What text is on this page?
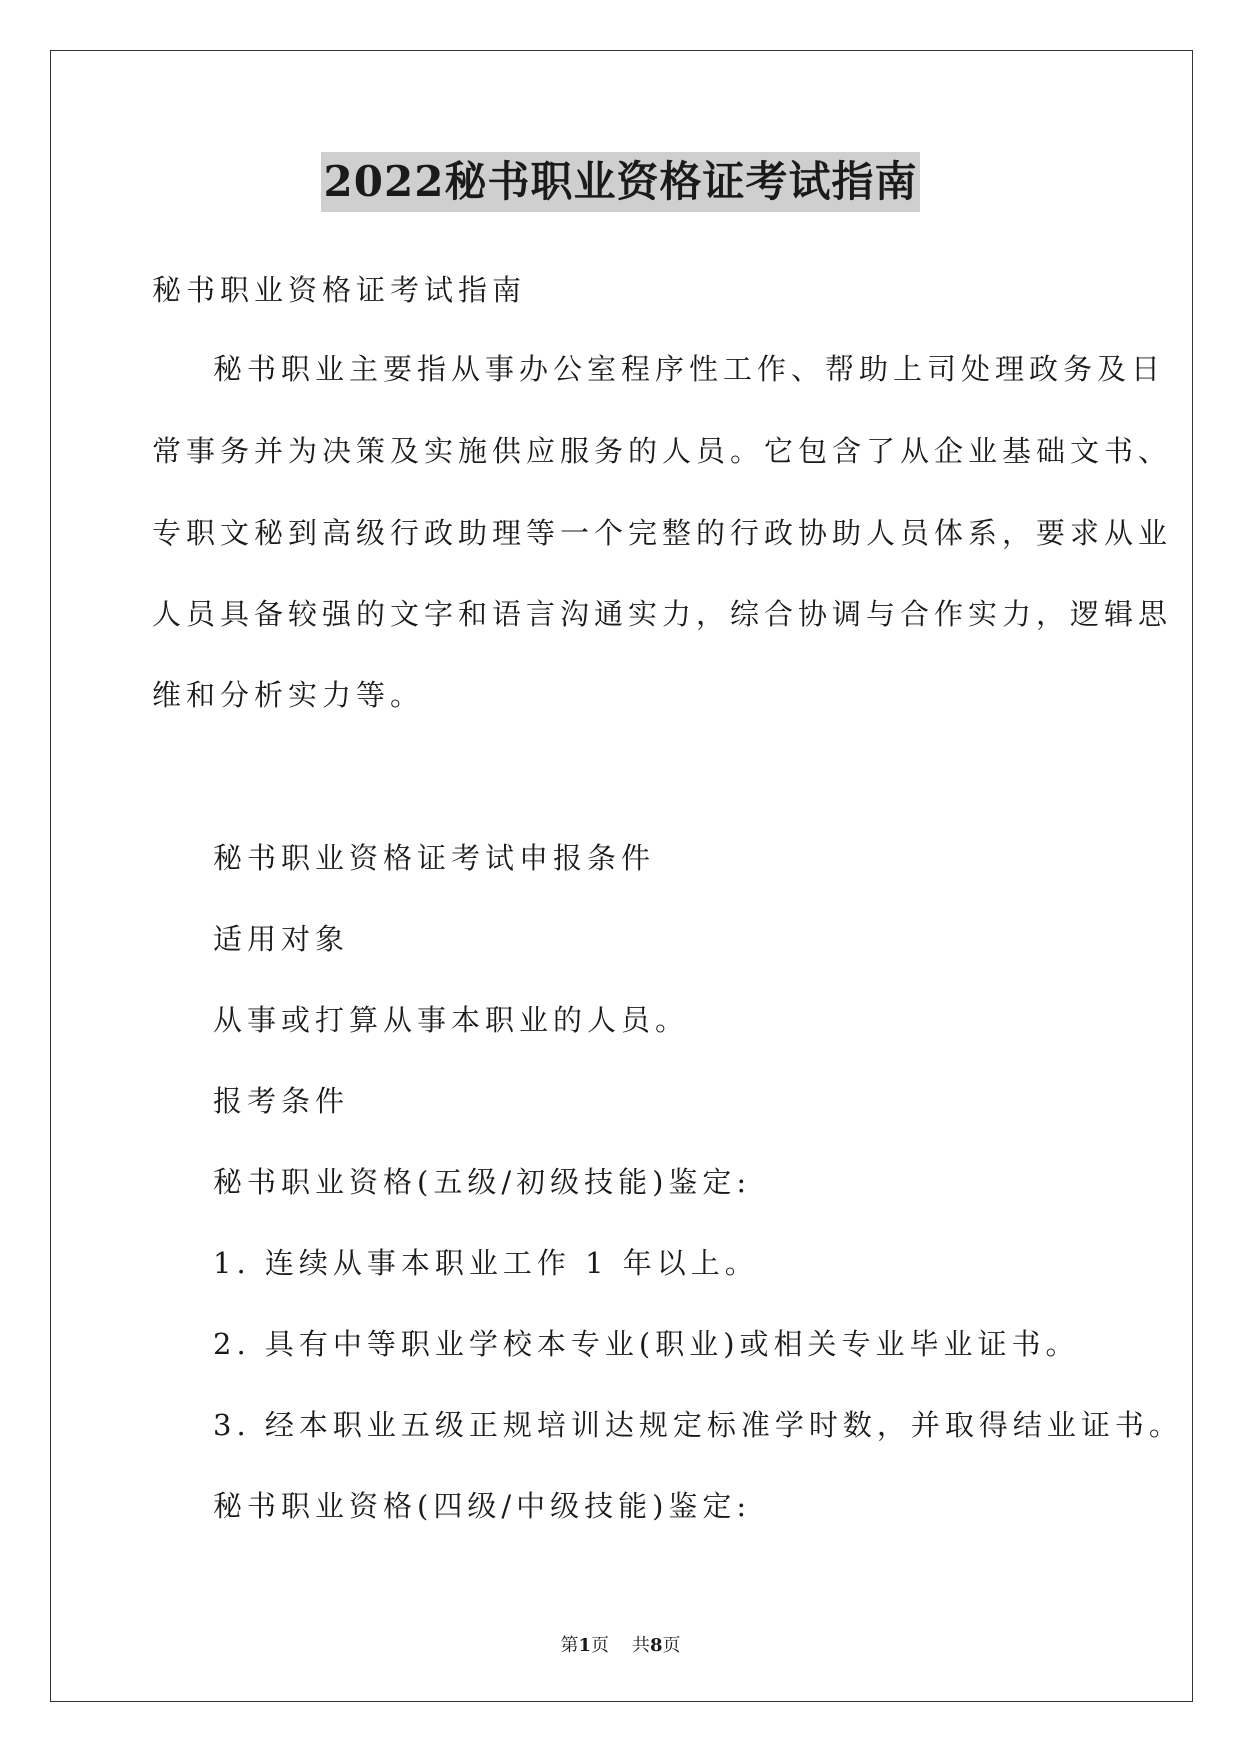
2022秘书职业资格证考试指南
秘书职业资格证考试指南
秘书职业主要指从事办公室程序性工作、帮助上司处理政务及日
常事务并为决策及实施供应服务的人员。它包含了从企业基础文书、
专职文秘到高级行政助理等一个完整的行政协助人员体系，要求从业
人员具备较强的文字和语言沟通实力，综合协调与合作实力，逻辑思
维和分析实力等。
秘书职业资格证考试申报条件
适用对象
从事或打算从事本职业的人员。
报考条件
秘书职业资格(五级/初级技能)鉴定:
1. 连续从事本职业工作 1 年以上。
2. 具有中等职业学校本专业(职业)或相关专业毕业证书。
3. 经本职业五级正规培训达规定标准学时数，并取得结业证书。
秘书职业资格(四级/中级技能)鉴定:
第1页 共8页
